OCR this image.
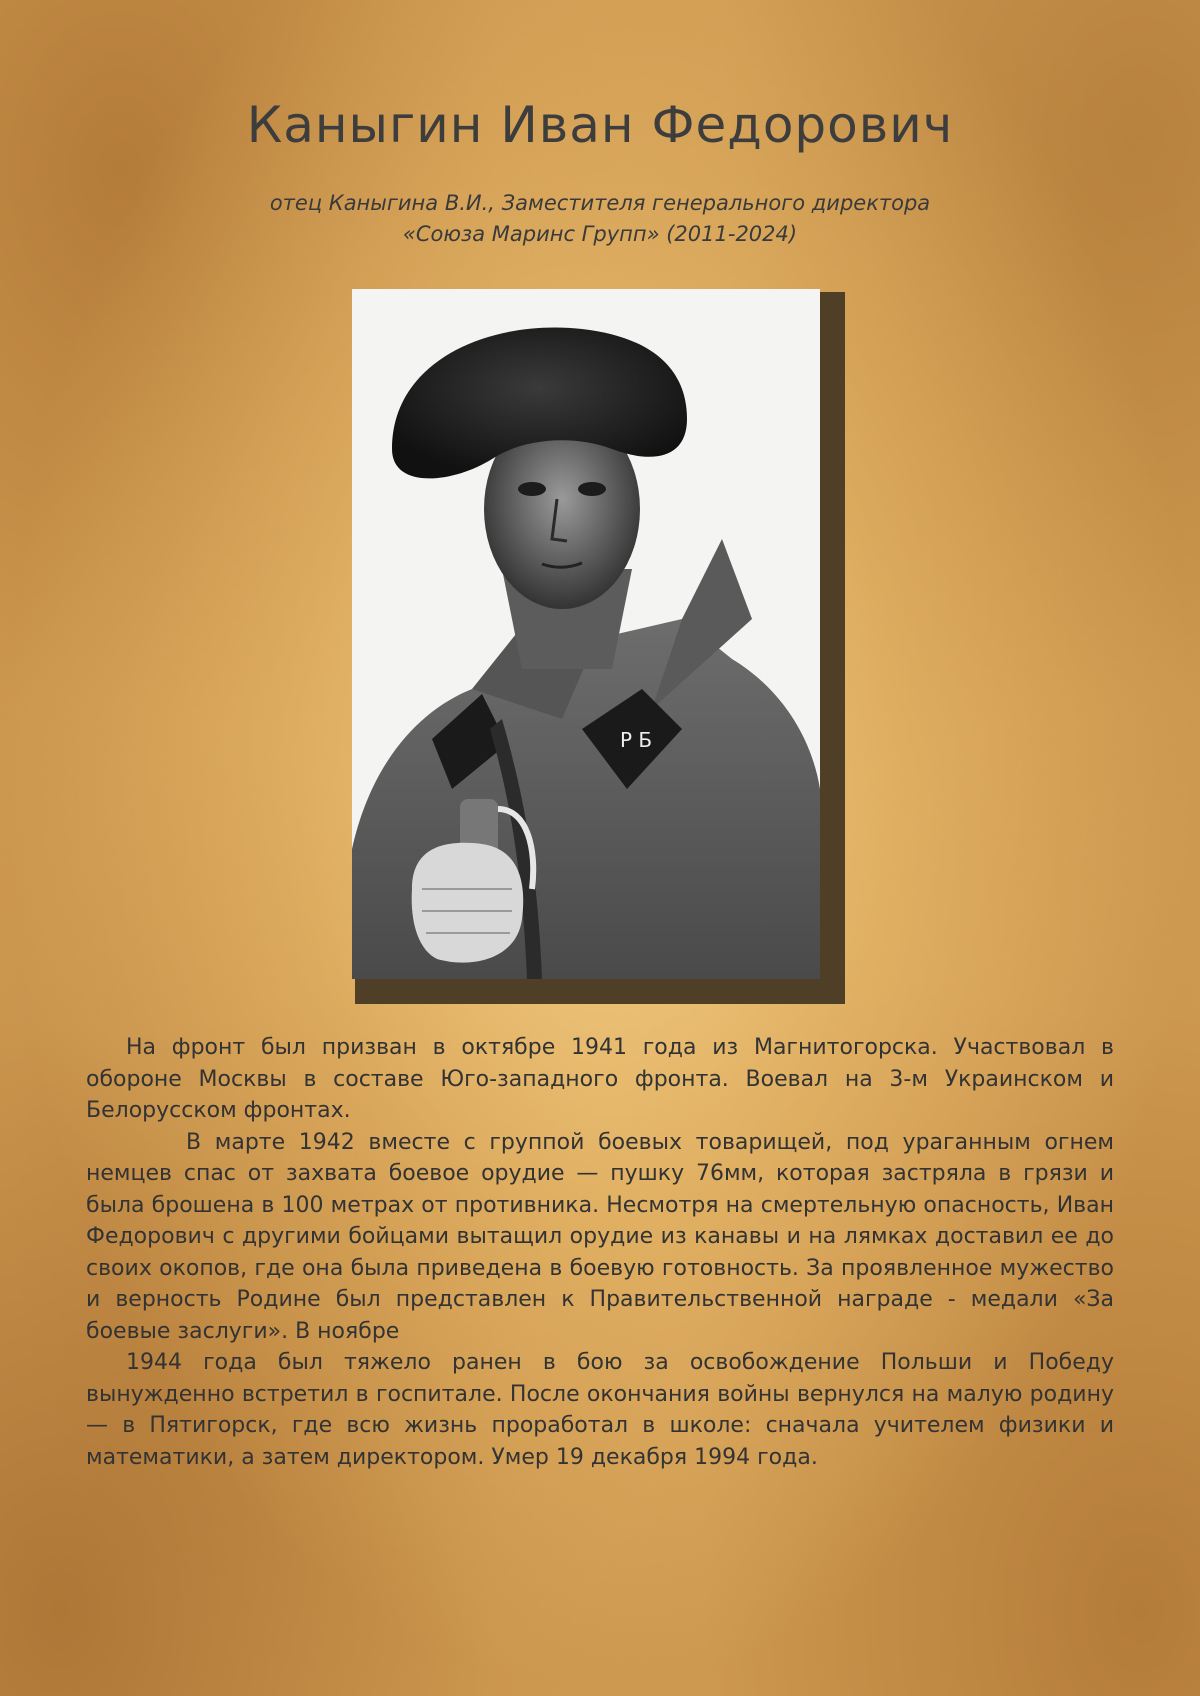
Каныгин Иван Федорович
отец Каныгина В.И., Заместителя генерального директора
«Союза Маринс Групп» (2011-2024)
Р Б

На фронт был призван в октябре 1941 года из Магнитогорска. Участвовал в обороне Москвы в составе Юго-западного фронта. Воевал на 3-м Украинском и Белорусском фронтах.

В марте 1942 вместе с группой боевых товарищей, под ураганным огнем немцев спас от захвата боевое орудие — пушку 76мм, которая застряла в грязи и была брошена в 100 метрах от противника. Несмотря на смертельную опасность, Иван Федорович с другими бойцами вытащил орудие из канавы и на лямках доставил ее до своих окопов, где она была приведена в боевую готовность. За проявленное мужество и верность Родине был представлен к Правительственной награде - медали «За боевые заслуги». В ноябре

1944 года был тяжело ранен в бою за освобождение Польши и Победу вынужденно встретил в госпитале. После окончания войны вернулся на малую родину — в Пятигорск, где всю жизнь проработал в школе: сначала учителем физики и математики, а затем директором. Умер 19 декабря 1994 года.
